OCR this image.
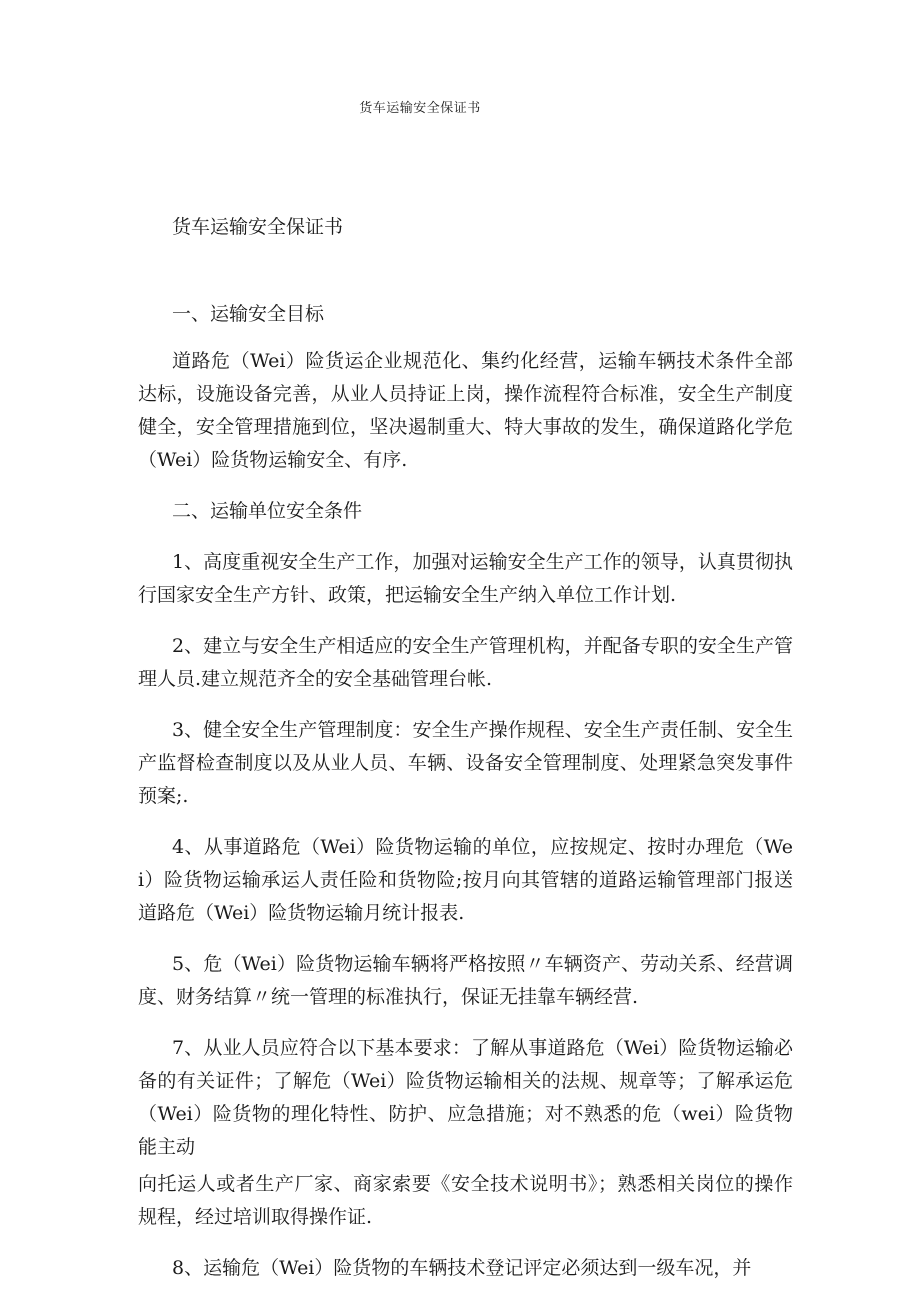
货车运输安全保证书
货车运输安全保证书

一、运输安全目标

道路危（Wei）险货运企业规范化、集约化经营，运输车辆技术条件全部达标，设施设备完善，从业人员持证上岗，操作流程符合标准，安全生产制度健全，安全管理措施到位，坚决遏制重大、特大事故的发生，确保道路化学危（Wei）险货物运输安全、有序.

二、运输单位安全条件

1、高度重视安全生产工作，加强对运输安全生产工作的领导，认真贯彻执行国家安全生产方针、政策，把运输安全生产纳入单位工作计划.

2、建立与安全生产相适应的安全生产管理机构，并配备专职的安全生产管理人员.建立规范齐全的安全基础管理台帐.

3、健全安全生产管理制度：安全生产操作规程、安全生产责任制、安全生产监督检查制度以及从业人员、车辆、设备安全管理制度、处理紧急突发事件预案;.

4、从事道路危（Wei）险货物运输的单位，应按规定、按时办理危（Wei）险货物运输承运人责任险和货物险;按月向其管辖的道路运输管理部门报送道路危（Wei）险货物运输月统计报表.

5、危（Wei）险货物运输车辆将严格按照〃车辆资产、劳动关系、经营调度、财务结算〃统一管理的标准执行，保证无挂靠车辆经营.

7、从业人员应符合以下基本要求：了解从事道路危（Wei）险货物运输必备的有关证件；了解危（Wei）险货物运输相关的法规、规章等；了解承运危（Wei）险货物的理化特性、防护、应急措施；对不熟悉的危（wei）险货物能主动

向托运人或者生产厂家、商家索要《安全技术说明书》；熟悉相关岗位的操作规程，经过培训取得操作证.

8、运输危（Wei）险货物的车辆技术登记评定必须达到一级车况，并
